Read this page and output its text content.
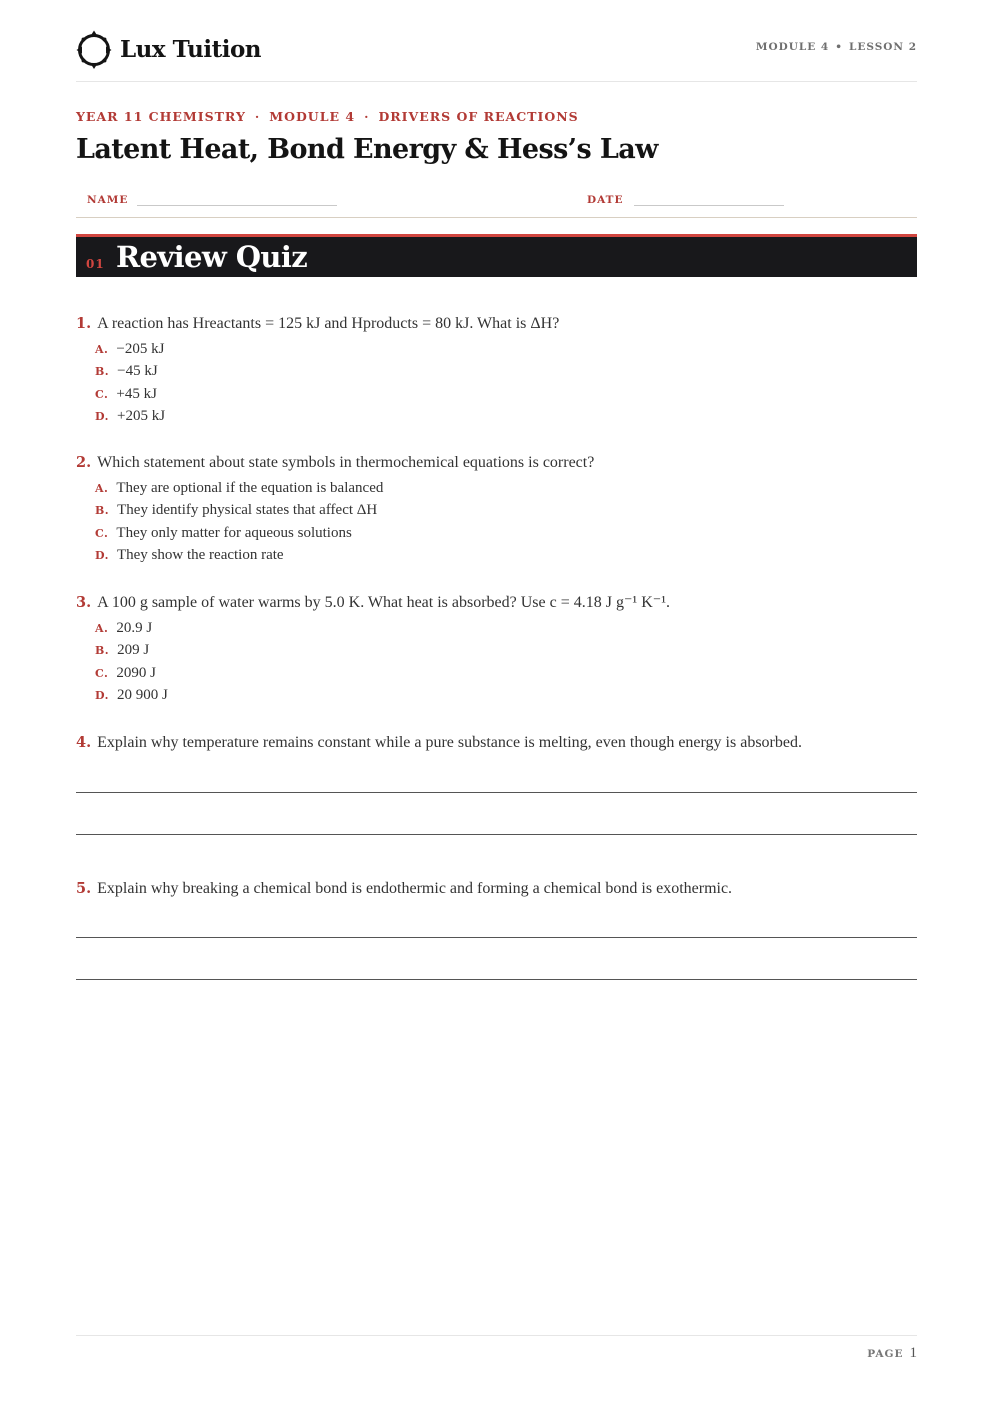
Lux Tuition	MODULE 4 • LESSON 2
YEAR 11 CHEMISTRY · MODULE 4 · DRIVERS OF REACTIONS
Latent Heat, Bond Energy & Hess’s Law
NAME	DATE
01 Review Quiz
1. A reaction has Hreactants = 125 kJ and Hproducts = 80 kJ. What is ΔH?
A. −205 kJ
B. −45 kJ
C. +45 kJ
D. +205 kJ
2. Which statement about state symbols in thermochemical equations is correct?
A. They are optional if the equation is balanced
B. They identify physical states that affect ΔH
C. They only matter for aqueous solutions
D. They show the reaction rate
3. A 100 g sample of water warms by 5.0 K. What heat is absorbed? Use c = 4.18 J g⁻¹ K⁻¹.
A. 20.9 J
B. 209 J
C. 2090 J
D. 20 900 J
4. Explain why temperature remains constant while a pure substance is melting, even though energy is absorbed.
5. Explain why breaking a chemical bond is endothermic and forming a chemical bond is exothermic.
PAGE 1
